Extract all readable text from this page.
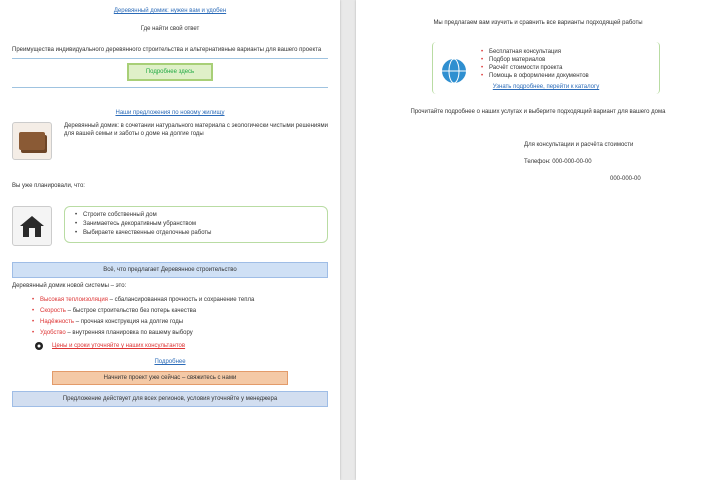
Деревянный домик: нужен вам и удобен
Где найти свой ответ
Преимущества индивидуального деревянного строительства и альтернативные варианты для вашего проекта
Подробнее здесь
Наши предложения по новому жилищу
Деревянный домик: в сочетании натурального материала с экологически чистыми решениями для вашей семьи и заботы о доме на долгие годы
Вы уже планировали, что:
• Строите собственный дом
• Занимаетесь декоративным убранством
• Выбираете качественные отделочные работы
Всё, что предлагает Деревянное строительство
Деревянный домик новой системы – это:
• Высокая теплоизоляция – сбалансированная прочность и сохранение тепла
• Скорость – быстрое строительство без потерь качества
• Надёжность – прочная конструкция на долгие годы
• Удобство – внутренняя планировка по вашему выбору
Цены и сроки уточняйте у наших консультантов
Подробнее
Начните проект уже сейчас – свяжитесь с нами
Предложение действует для всех регионов, условия уточняйте у менеджера
Мы предлагаем вам изучить и сравнить все варианты подходящей работы
• Бесплатная консультация
• Подбор материалов
• Расчёт стоимости проекта
• Помощь в оформлении документов
Узнать подробнее, перейти к каталогу
Прочитайте подробнее о наших услугах и выберите подходящий вариант для вашего дома
Для консультации и расчёта стоимости
Телефон: 000-000-00-00
000-000-00
